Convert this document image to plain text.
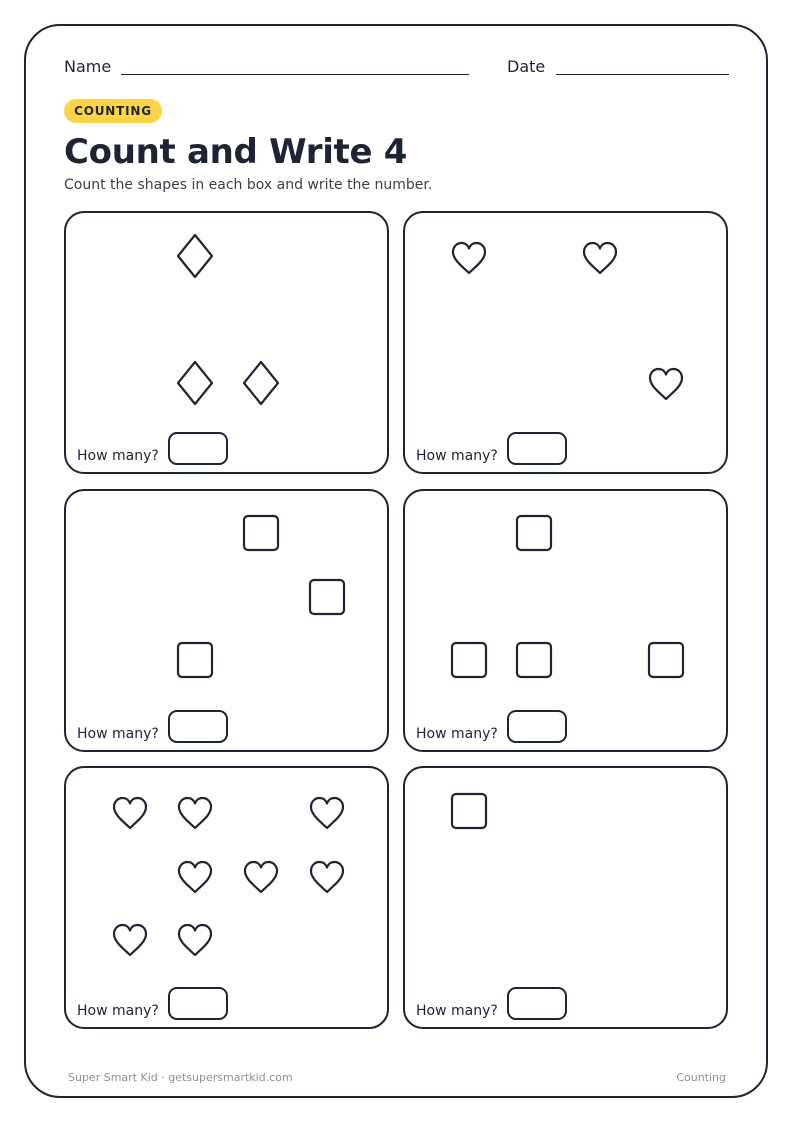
Name	Date
COUNTING
Count and Write 4
Count the shapes in each box and write the number.
How many?	How many?
How many?	How many?
How many?	How many?
Super Smart Kid · getsupersmartkid.com	Counting
